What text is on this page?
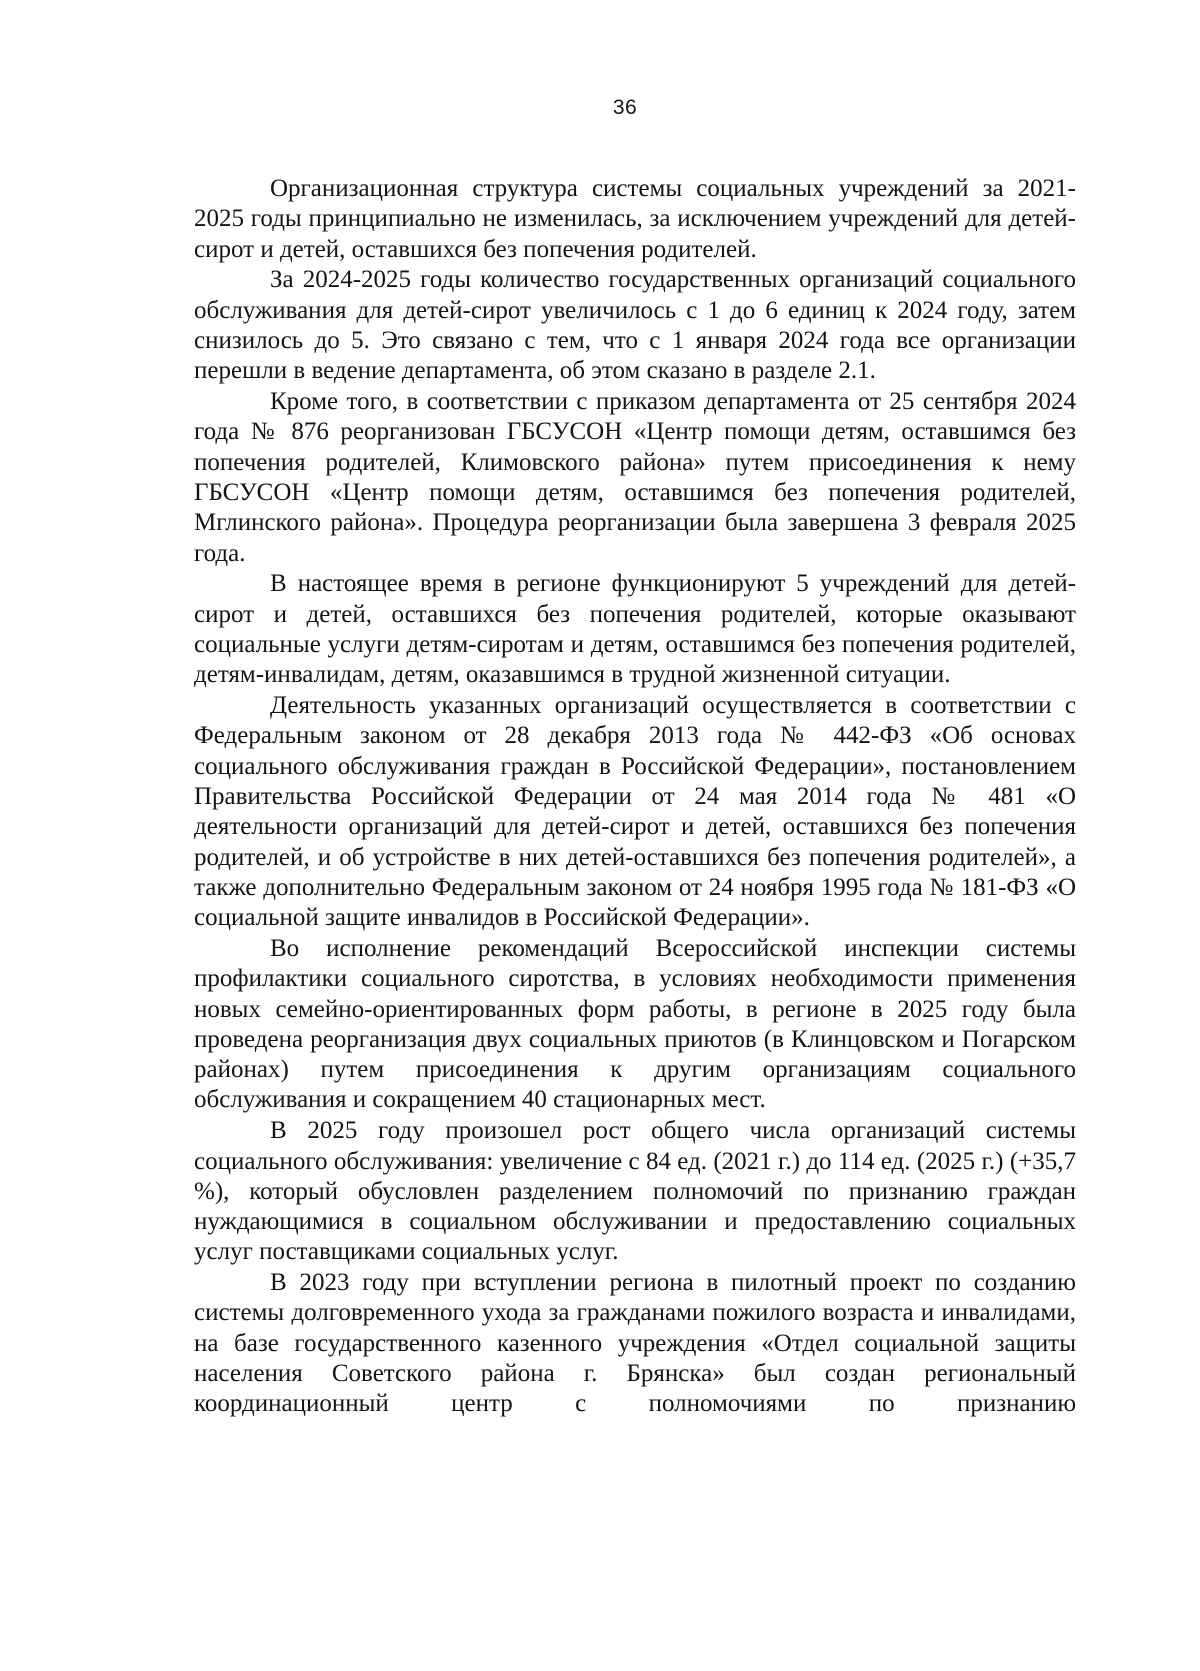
36

Организационная структура системы социальных учреждений за 2021-2025 годы принципиально не изменилась, за исключением учреждений для детей-сирот и детей, оставшихся без попечения родителей.

За 2024-2025 годы количество государственных организаций социального обслуживания для детей-сирот увеличилось с 1 до 6 единиц к 2024 году, затем снизилось до 5. Это связано с тем, что с 1 января 2024 года все организации перешли в ведение департамента, об этом сказано в разделе 2.1.

Кроме того, в соответствии с приказом департамента от 25 сентября 2024 года № 876 реорганизован ГБСУСОН «Центр помощи детям, оставшимся без попечения родителей, Климовского района» путем присоединения к нему ГБСУСОН «Центр помощи детям, оставшимся без попечения родителей, Мглинского района». Процедура реорганизации была завершена 3 февраля 2025 года.

В настоящее время в регионе функционируют 5 учреждений для детей-сирот и детей, оставшихся без попечения родителей, которые оказывают социальные услуги детям-сиротам и детям, оставшимся без попечения родителей, детям-инвалидам, детям, оказавшимся в трудной жизненной ситуации.

Деятельность указанных организаций осуществляется в соответствии с Федеральным законом от 28 декабря 2013 года № 442-ФЗ «Об основах социального обслуживания граждан в Российской Федерации», постановлением Правительства Российской Федерации от 24 мая 2014 года № 481 «О деятельности организаций для детей-сирот и детей, оставшихся без попечения родителей, и об устройстве в них детей-оставшихся без попечения родителей», а также дополнительно Федеральным законом от 24 ноября 1995 года № 181-ФЗ «О социальной защите инвалидов в Российской Федерации».

Во исполнение рекомендаций Всероссийской инспекции системы профилактики социального сиротства, в условиях необходимости применения новых семейно-ориентированных форм работы, в регионе в 2025 году была проведена реорганизация двух социальных приютов (в Клинцовском и Погарском районах) путем присоединения к другим организациям социального обслуживания и сокращением 40 стационарных мест.

В 2025 году произошел рост общего числа организаций системы социального обслуживания: увеличение с 84 ед. (2021 г.) до 114 ед. (2025 г.) (+35,7 %), который обусловлен разделением полномочий по признанию граждан нуждающимися в социальном обслуживании и предоставлению социальных услуг поставщиками социальных услуг.

В 2023 году при вступлении региона в пилотный проект по созданию системы долговременного ухода за гражданами пожилого возраста и инвалидами, на базе государственного казенного учреждения «Отдел социальной защиты населения Советского района г. Брянска» был создан региональный координационный центр с полномочиями по признанию
